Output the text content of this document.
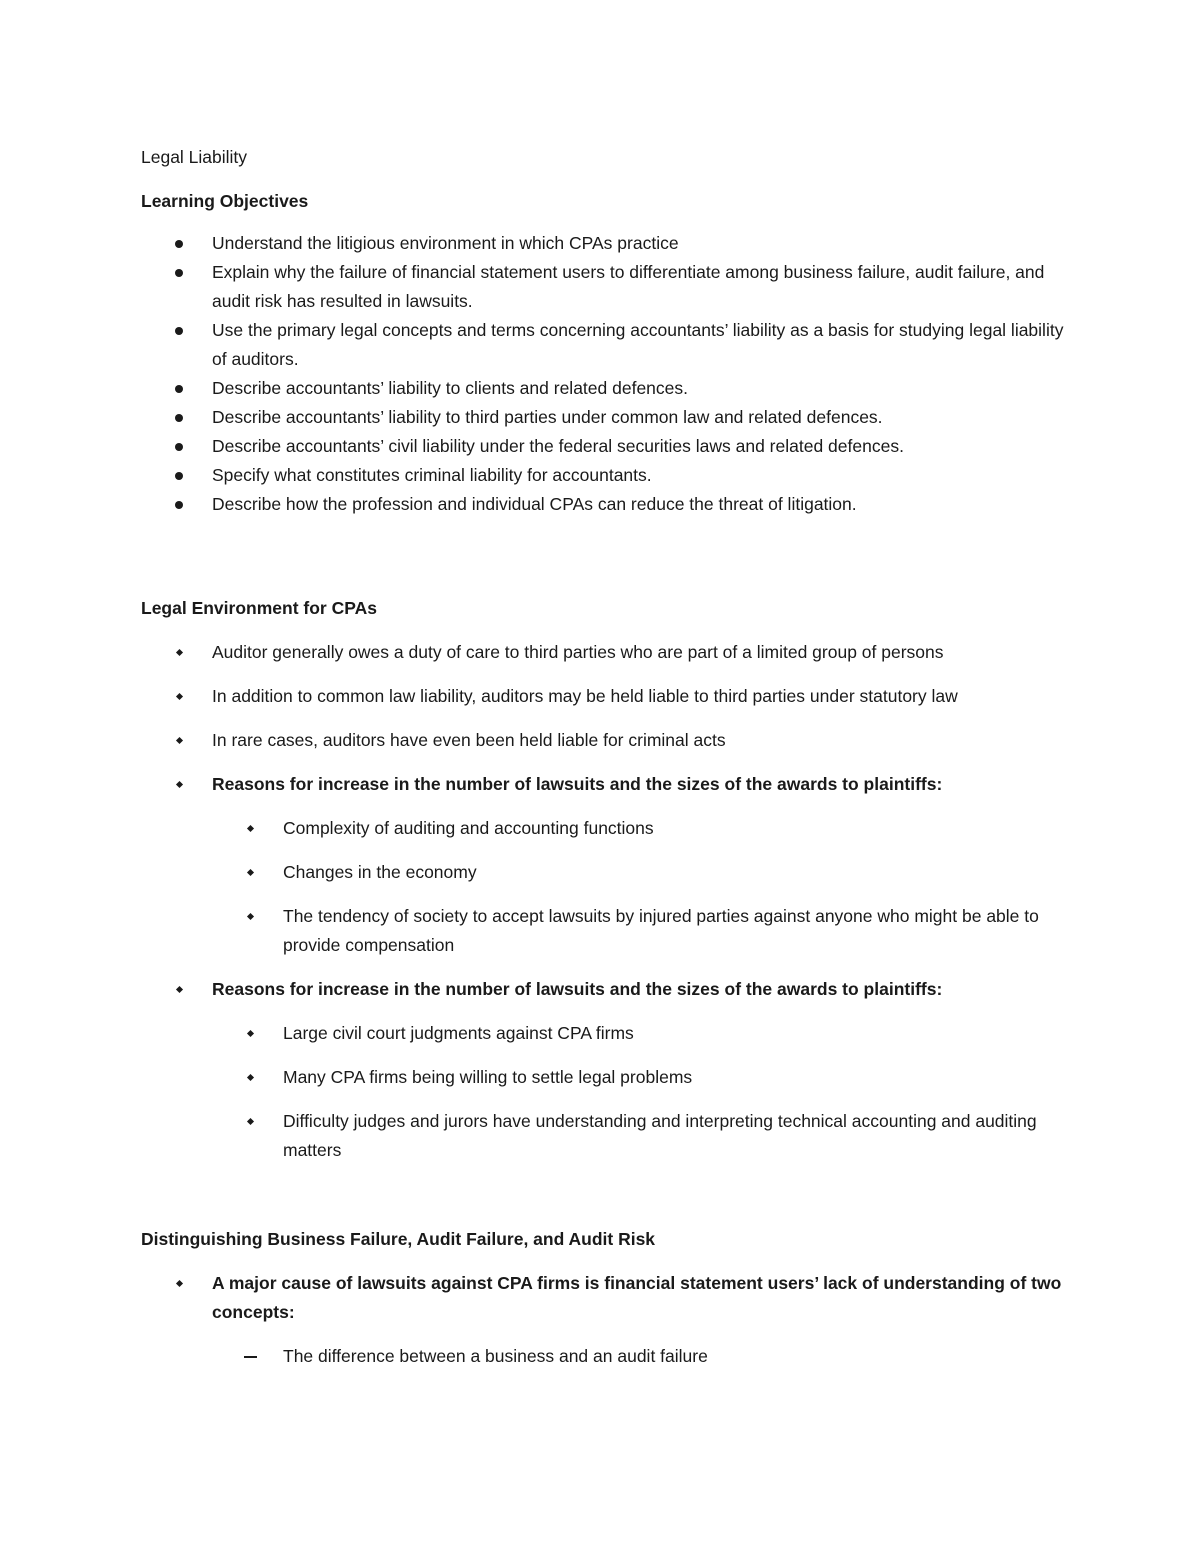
Legal Liability

Learning Objectives

Understand the litigious environment in which CPAs practice
Explain why the failure of financial statement users to differentiate among business failure, audit failure, and audit risk has resulted in lawsuits.
Use the primary legal concepts and terms concerning accountants’ liability as a basis for studying legal liability of auditors.
Describe accountants’ liability to clients and related defences.
Describe accountants’ liability to third parties under common law and related defences.
Describe accountants’ civil liability under the federal securities laws and related defences.
Specify what constitutes criminal liability for accountants.
Describe how the profession and individual CPAs can reduce the threat of litigation.

Legal Environment for CPAs

Auditor generally owes a duty of care to third parties who are part of a limited group of persons
In addition to common law liability, auditors may be held liable to third parties under statutory law
In rare cases, auditors have even been held liable for criminal acts
Reasons for increase in the number of lawsuits and the sizes of the awards to plaintiffs:
Complexity of auditing and accounting functions
Changes in the economy
The tendency of society to accept lawsuits by injured parties against anyone who might be able to provide compensation
Reasons for increase in the number of lawsuits and the sizes of the awards to plaintiffs:
Large civil court judgments against CPA firms
Many CPA firms being willing to settle legal problems
Difficulty judges and jurors have understanding and interpreting technical accounting and auditing matters

Distinguishing Business Failure, Audit Failure, and Audit Risk

A major cause of lawsuits against CPA firms is financial statement users’ lack of understanding of two concepts:
The difference between a business and an audit failure
